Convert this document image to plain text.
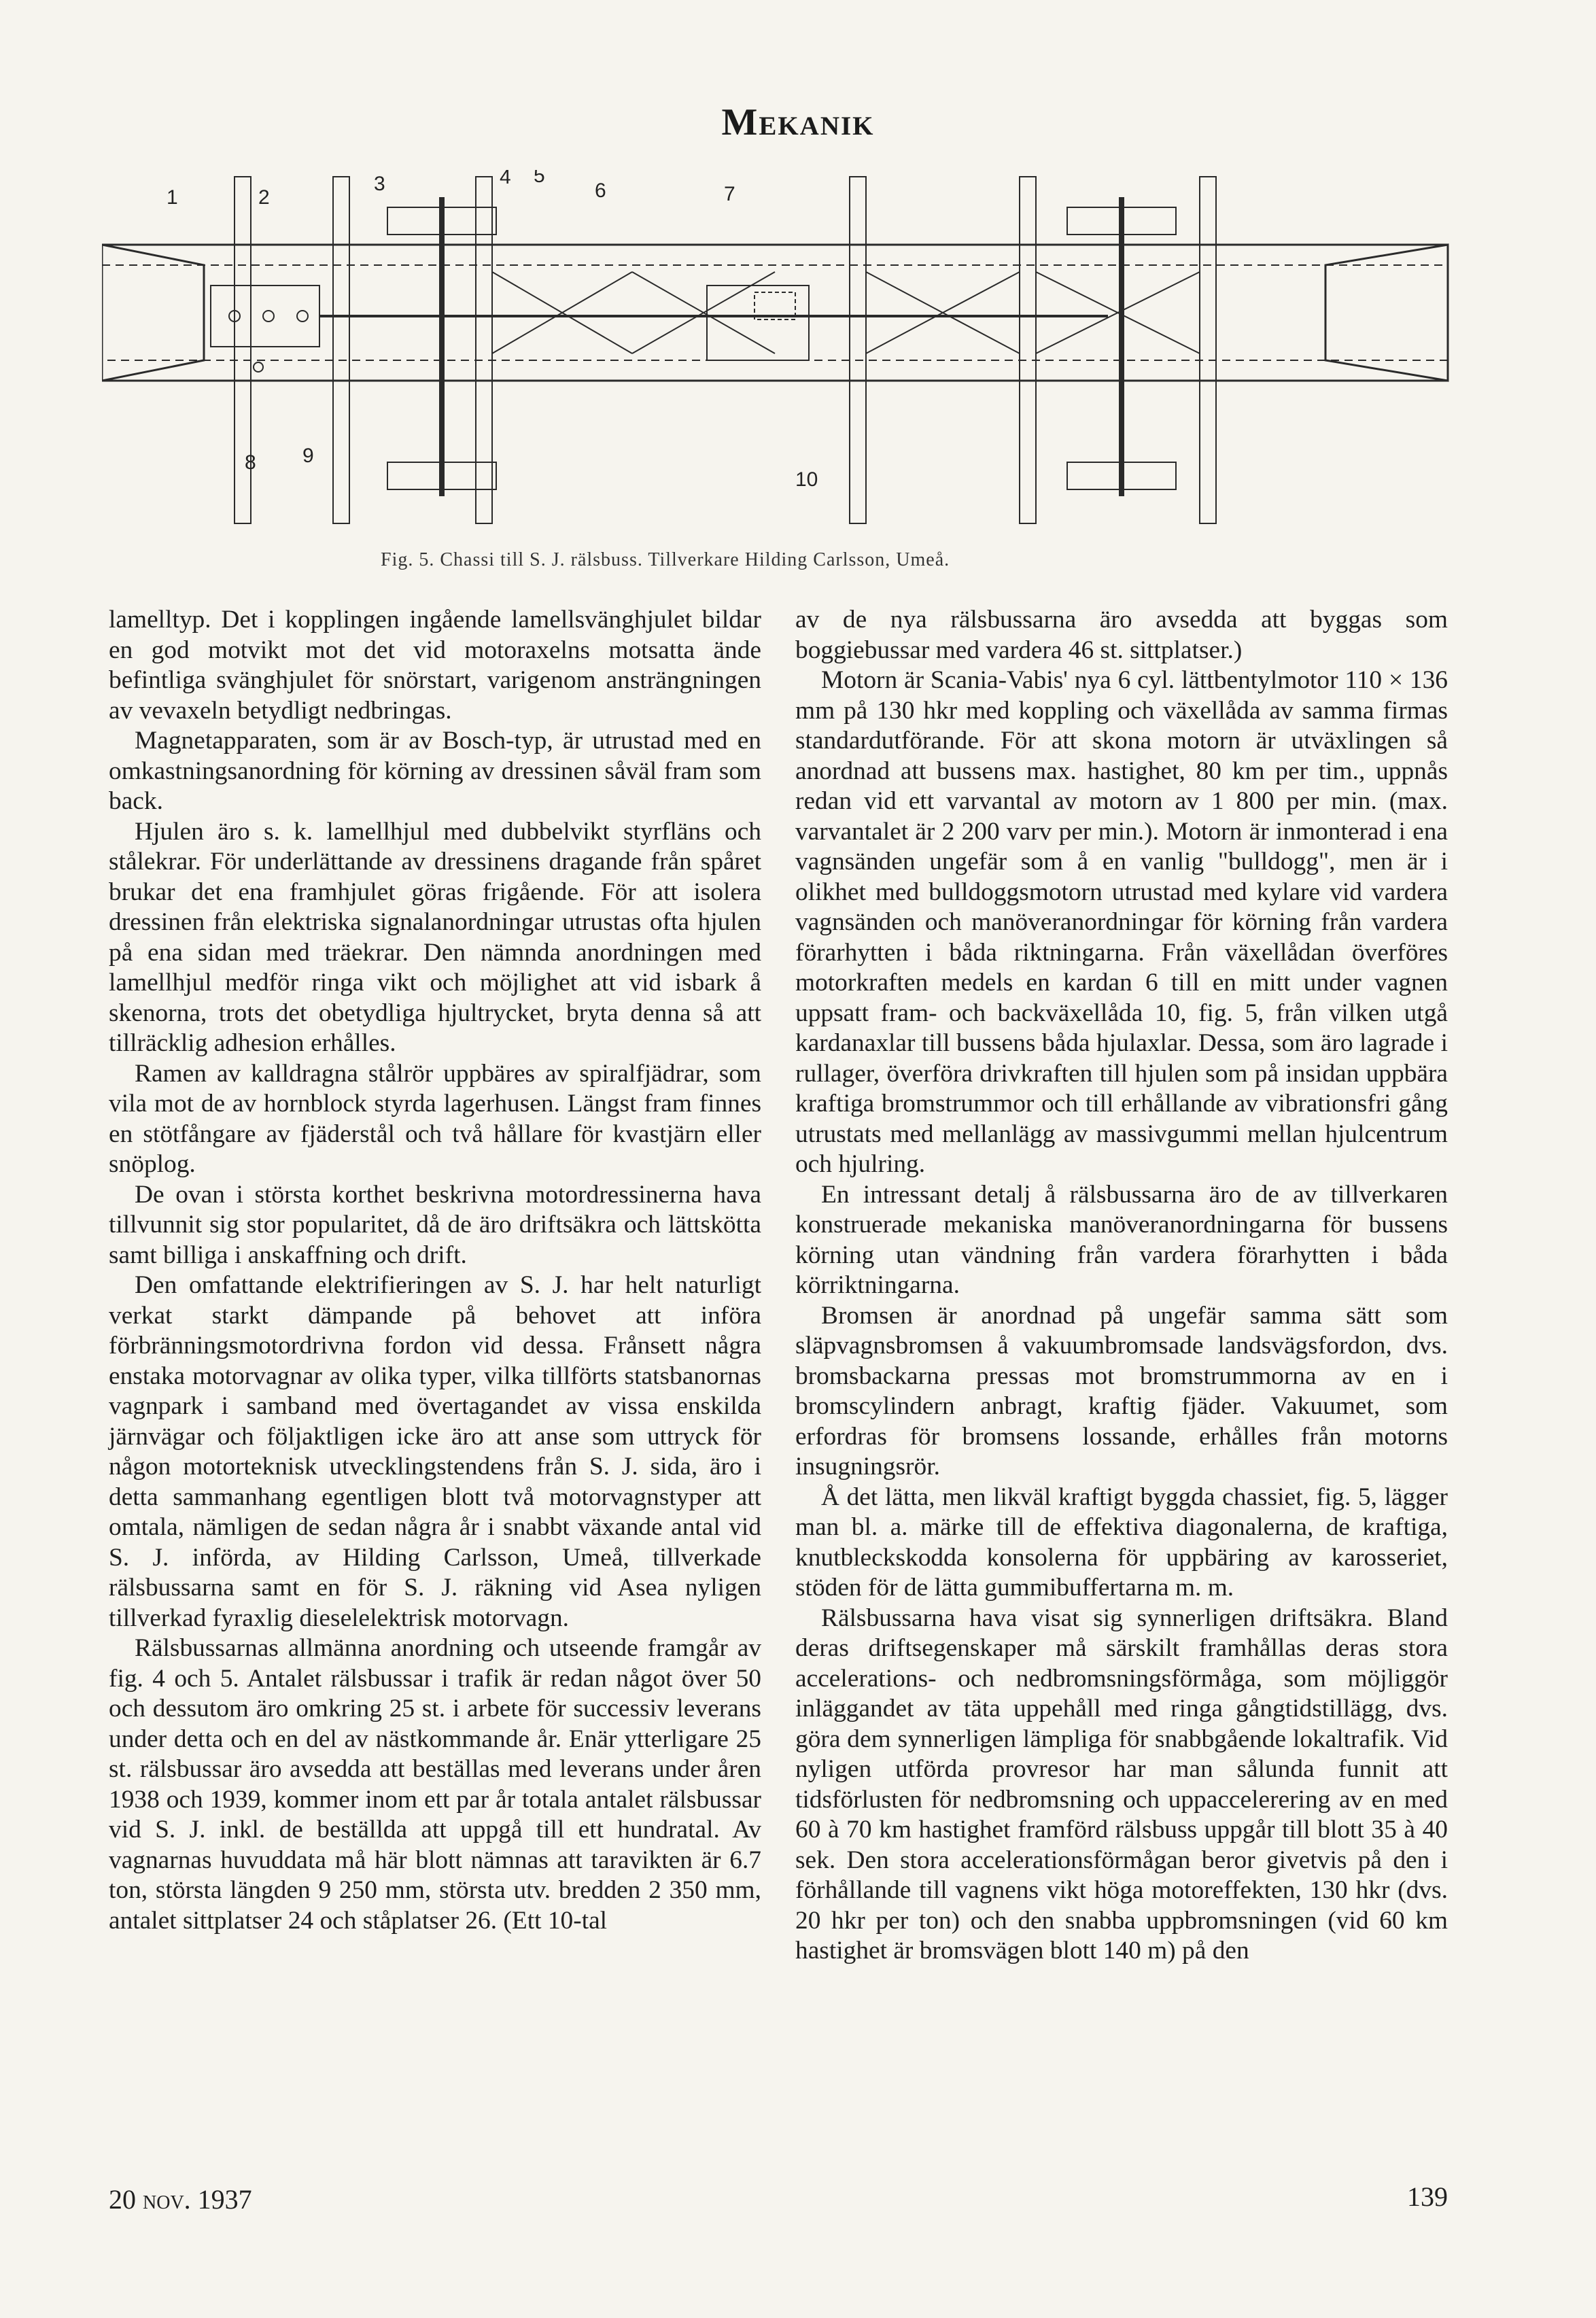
Mekanik
1	2
3	4 5
6	7
8 9
10
Fig. 5. Chassi till S. J. rälsbuss. Tillverkare Hilding Carlsson, Umeå.

lamelltyp. Det i kopplingen ingående lamellsvänghjulet bildar en god motvikt mot det vid motoraxelns motsatta ände befintliga svänghjulet för snörstart, varigenom ansträngningen av vevaxeln betydligt nedbringas.

Magnetapparaten, som är av Bosch-typ, är utrustad med en omkastningsanordning för körning av dressinen såväl fram som back.

Hjulen äro s. k. lamellhjul med dubbelvikt styrfläns och stålekrar. För underlättande av dressinens dragande från spåret brukar det ena framhjulet göras frigående. För att isolera dressinen från elektriska signalanordningar utrustas ofta hjulen på ena sidan med träekrar. Den nämnda anordningen med lamellhjul medför ringa vikt och möjlighet att vid isbark å skenorna, trots det obetydliga hjultrycket, bryta denna så att tillräcklig adhesion erhålles.

Ramen av kalldragna stålrör uppbäres av spiralfjädrar, som vila mot de av hornblock styrda lagerhusen. Längst fram finnes en stötfångare av fjäderstål och två hållare för kvastjärn eller snöplog.

De ovan i största korthet beskrivna motordressinerna hava tillvunnit sig stor popularitet, då de äro driftsäkra och lättskötta samt billiga i anskaffning och drift.

Den omfattande elektrifieringen av S. J. har helt naturligt verkat starkt dämpande på behovet att införa förbränningsmotordrivna fordon vid dessa. Frånsett några enstaka motorvagnar av olika typer, vilka tillförts statsbanornas vagnpark i samband med övertagandet av vissa enskilda järnvägar och följaktligen icke äro att anse som uttryck för någon motorteknisk utvecklingstendens från S. J. sida, äro i detta sammanhang egentligen blott två motorvagnstyper att omtala, nämligen de sedan några år i snabbt växande antal vid S. J. införda, av Hilding Carlsson, Umeå, tillverkade rälsbussarna samt en för S. J. räkning vid Asea nyligen tillverkad fyraxlig dieselelektrisk motorvagn.

Rälsbussarnas allmänna anordning och utseende framgår av fig. 4 och 5. Antalet rälsbussar i trafik är redan något över 50 och dessutom äro omkring 25 st. i arbete för successiv leverans under detta och en del av nästkommande år. Enär ytterligare 25 st. rälsbussar äro avsedda att beställas med leverans under åren 1938 och 1939, kommer inom ett par år totala antalet rälsbussar vid S. J. inkl. de beställda att uppgå till ett hundratal. Av vagnarnas huvuddata må här blott nämnas att taravikten är 6.7 ton, största längden 9 250 mm, största utv. bredden 2 350 mm, antalet sittplatser 24 och ståplatser 26. (Ett 10-tal

av de nya rälsbussarna äro avsedda att byggas som boggiebussar med vardera 46 st. sittplatser.)

Motorn är Scania-Vabis' nya 6 cyl. lättbentylmotor 110 × 136 mm på 130 hkr med koppling och växellåda av samma firmas standardutförande. För att skona motorn är utväxlingen så anordnad att bussens max. hastighet, 80 km per tim., uppnås redan vid ett varvantal av motorn av 1 800 per min. (max. varvantalet är 2 200 varv per min.). Motorn är inmonterad i ena vagnsänden ungefär som å en vanlig "bulldogg", men är i olikhet med bulldoggsmotorn utrustad med kylare vid vardera vagnsänden och manöveranordningar för körning från vardera förarhytten i båda riktningarna. Från växellådan överföres motorkraften medels en kardan 6 till en mitt under vagnen uppsatt fram- och backväxellåda 10, fig. 5, från vilken utgå kardanaxlar till bussens båda hjulaxlar. Dessa, som äro lagrade i rullager, överföra drivkraften till hjulen som på insidan uppbära kraftiga bromstrummor och till erhållande av vibrationsfri gång utrustats med mellanlägg av massivgummi mellan hjulcentrum och hjulring.

En intressant detalj å rälsbussarna äro de av tillverkaren konstruerade mekaniska manöveranordningarna för bussens körning utan vändning från vardera förarhytten i båda körriktningarna.

Bromsen är anordnad på ungefär samma sätt som släpvagnsbromsen å vakuumbromsade landsvägsfordon, dvs. bromsbackarna pressas mot bromstrummorna av en i bromscylindern anbragt, kraftig fjäder. Vakuumet, som erfordras för bromsens lossande, erhålles från motorns insugningsrör.

Å det lätta, men likväl kraftigt byggda chassiet, fig. 5, lägger man bl. a. märke till de effektiva diagonalerna, de kraftiga, knutbleckskodda konsolerna för uppbäring av karosseriet, stöden för de lätta gummibuffertarna m. m.

Rälsbussarna hava visat sig synnerligen driftsäkra. Bland deras driftsegenskaper må särskilt framhållas deras stora accelerations- och nedbromsningsförmåga, som möjliggör inläggandet av täta uppehåll med ringa gångtidstillägg, dvs. göra dem synnerligen lämpliga för snabbgående lokaltrafik. Vid nyligen utförda provresor har man sålunda funnit att tidsförlusten för nedbromsning och uppaccelerering av en med 60 à 70 km hastighet framförd rälsbuss uppgår till blott 35 à 40 sek. Den stora accelerationsförmågan beror givetvis på den i förhållande till vagnens vikt höga motoreffekten, 130 hkr (dvs. 20 hkr per ton) och den snabba uppbromsningen (vid 60 km hastighet är bromsvägen blott 140 m) på den

20 nov. 1937	139
